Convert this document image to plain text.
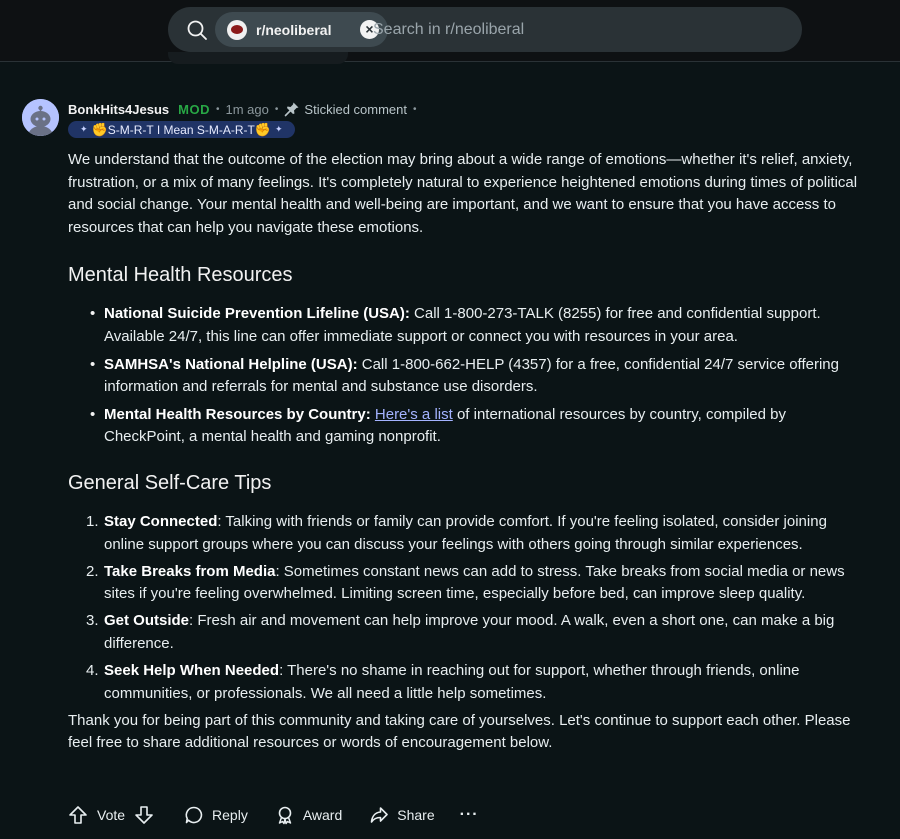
r/neoliberal	×
Search in r/neoliberal
BonkHits4Jesus MOD • 1m ago • Stickied comment •
✦ ✊ S-M-R-T I Mean S-M-A-R-T ✊ ✦

We understand that the outcome of the election may bring about a wide range of emotions—whether it's relief, anxiety, frustration, or a mix of many feelings. It's completely natural to experience heightened emotions during times of political and social change. Your mental health and well-being are important, and we want to ensure that you have access to resources that can help you navigate these emotions.

Mental Health Resources
• National Suicide Prevention Lifeline (USA): Call 1-800-273-TALK (8255) for free and confidential support. Available 24/7, this line can offer immediate support or connect you with resources in your area.
• SAMHSA's National Helpline (USA): Call 1-800-662-HELP (4357) for a free, confidential 24/7 service offering information and referrals for mental and substance use disorders.
• Mental Health Resources by Country: Here's a list of international resources by country, compiled by CheckPoint, a mental health and gaming nonprofit.
General Self-Care Tips
1. Stay Connected: Talking with friends or family can provide comfort. If you're feeling isolated, consider joining online support groups where you can discuss your feelings with others going through similar experiences.
2. Take Breaks from Media: Sometimes constant news can add to stress. Take breaks from social media or news sites if you're feeling overwhelmed. Limiting screen time, especially before bed, can improve sleep quality.
3. Get Outside: Fresh air and movement can help improve your mood. A walk, even a short one, can make a big difference.
4. Seek Help When Needed: There's no shame in reaching out for support, whether through friends, online communities, or professionals. We all need a little help sometimes.

Thank you for being part of this community and taking care of yourselves. Let's continue to support each other. Please feel free to share additional resources or words of encouragement below.

Vote	Reply	Award	Share ···
